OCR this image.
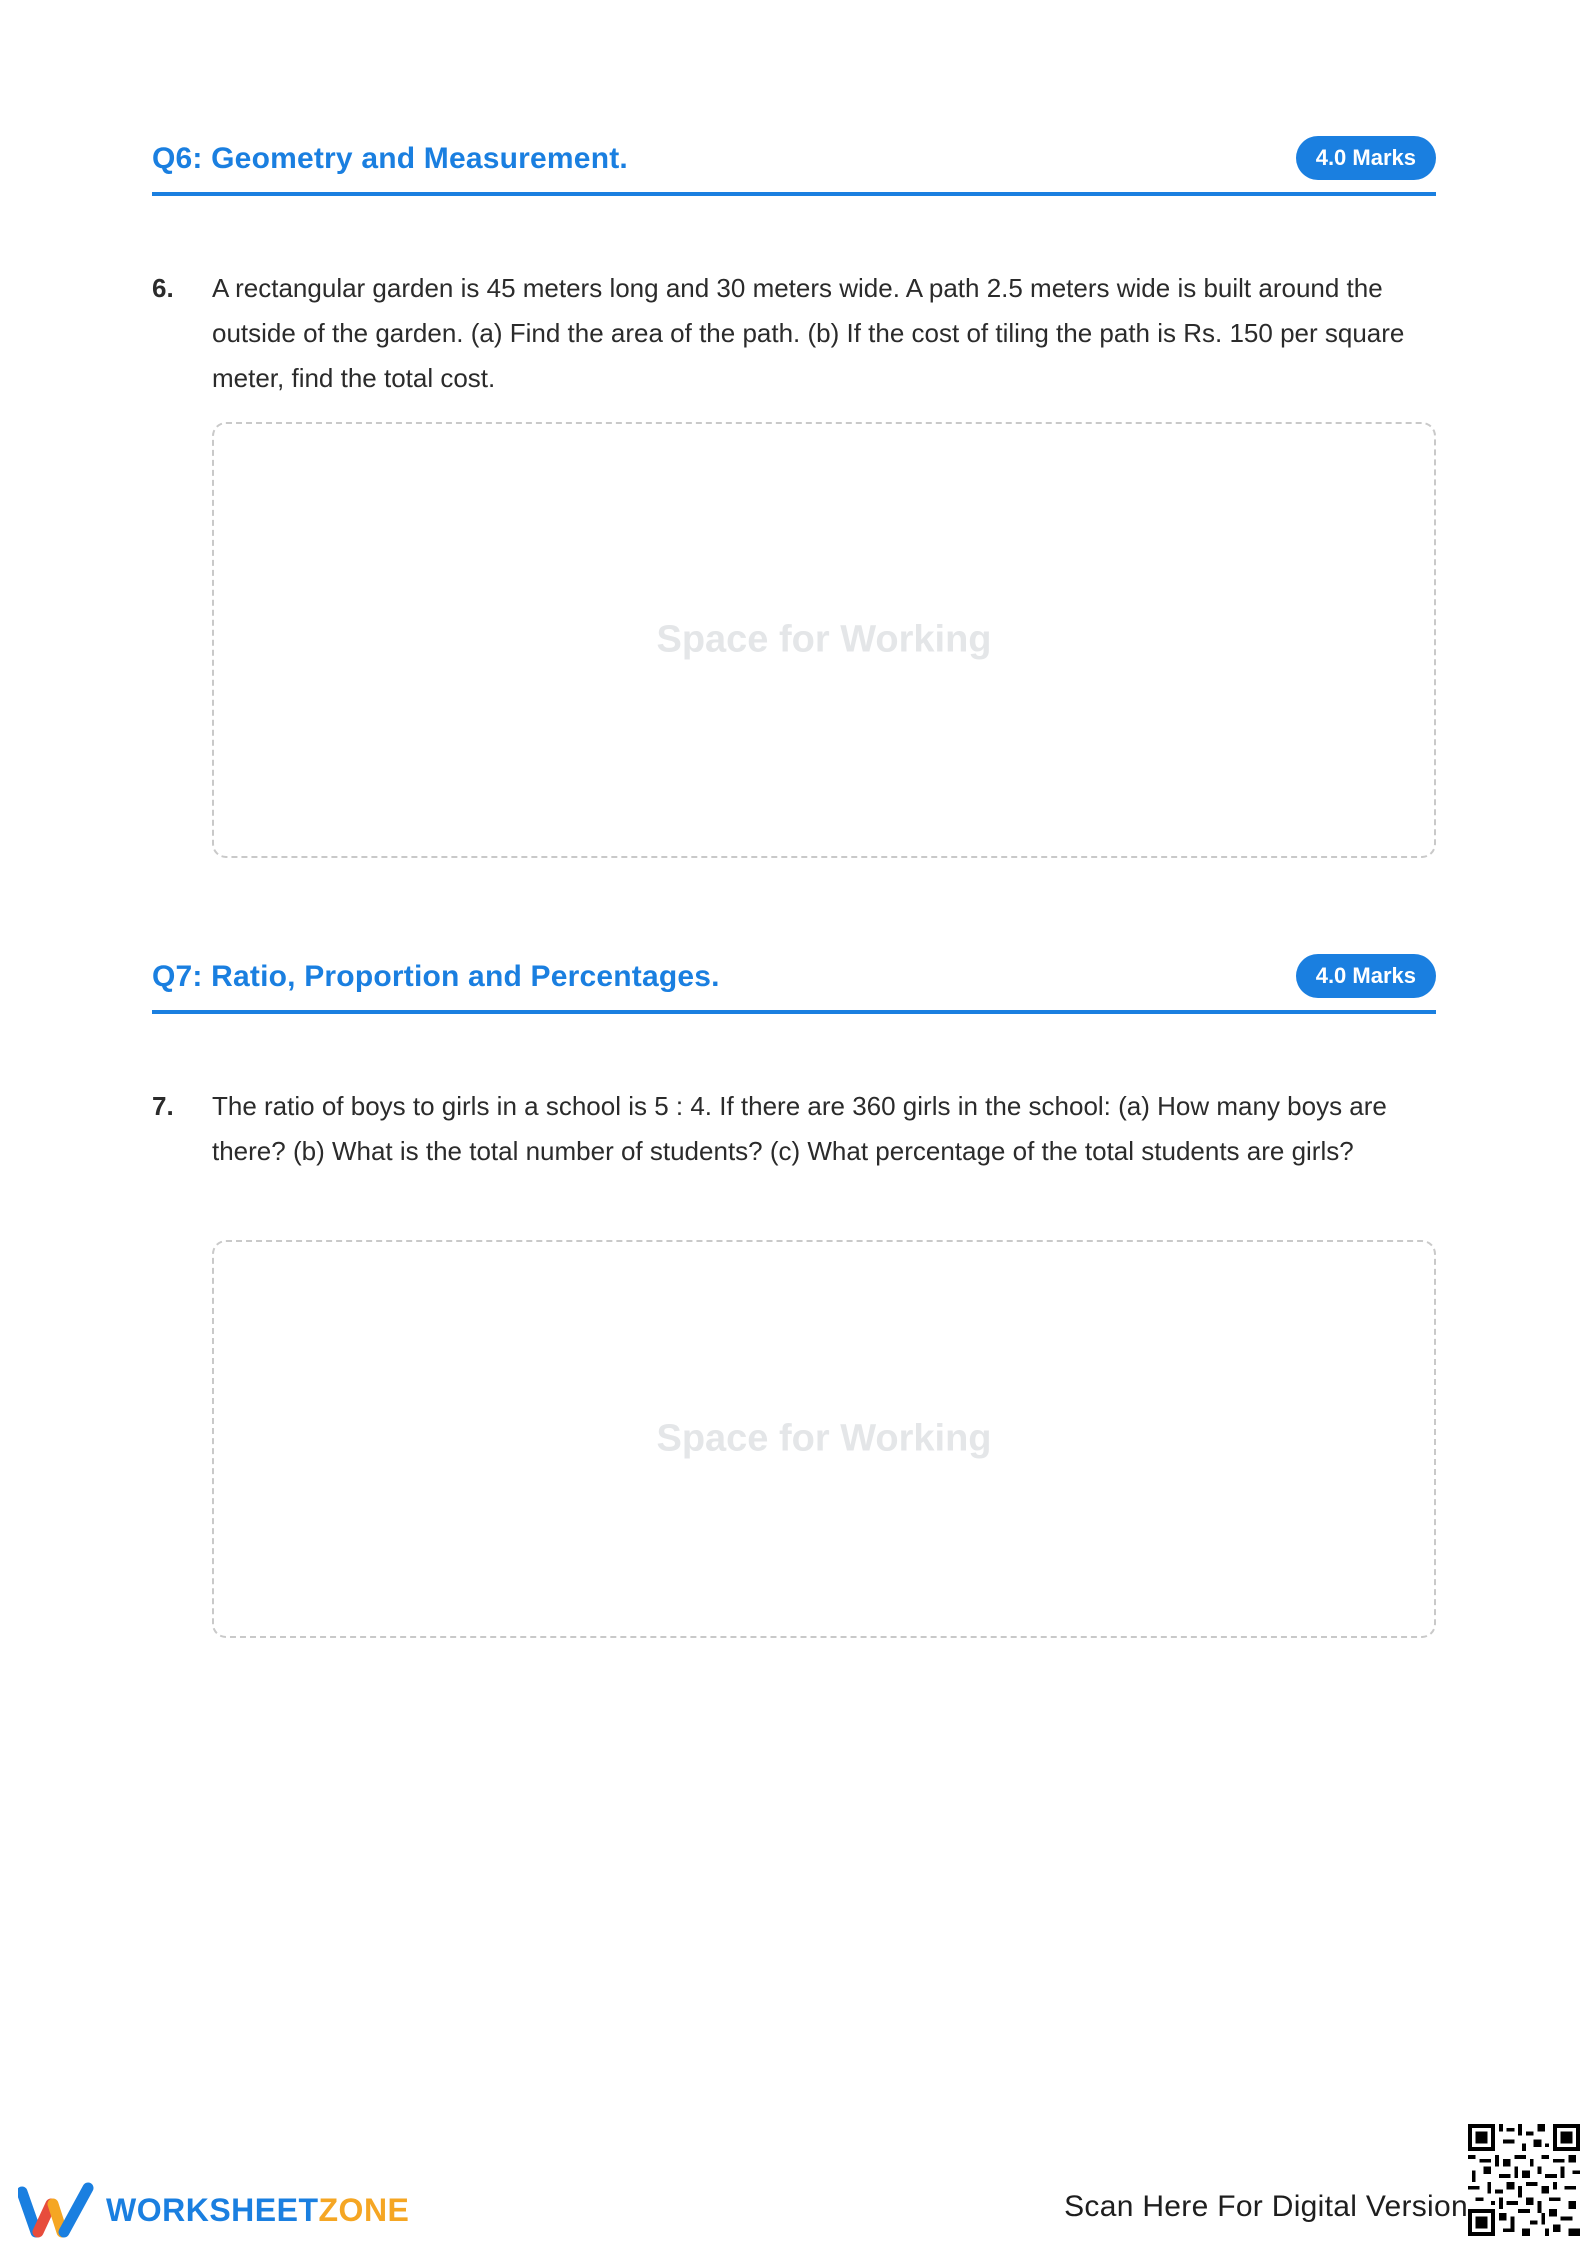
Q6: Geometry and Measurement.	4.0 Marks
6. A rectangular garden is 45 meters long and 30 meters wide. A path 2.5 meters wide is built around the outside of the garden. (a) Find the area of the path. (b) If the cost of tiling the path is Rs. 150 per square meter, find the total cost.
Space for Working
Q7: Ratio, Proportion and Percentages.	4.0 Marks
7. The ratio of boys to girls in a school is 5 : 4. If there are 360 girls in the school: (a) How many boys are there? (b) What is the total number of students? (c) What percentage of the total students are girls?
Space for Working
WORKSHEETZONE	Scan Here For Digital Version
